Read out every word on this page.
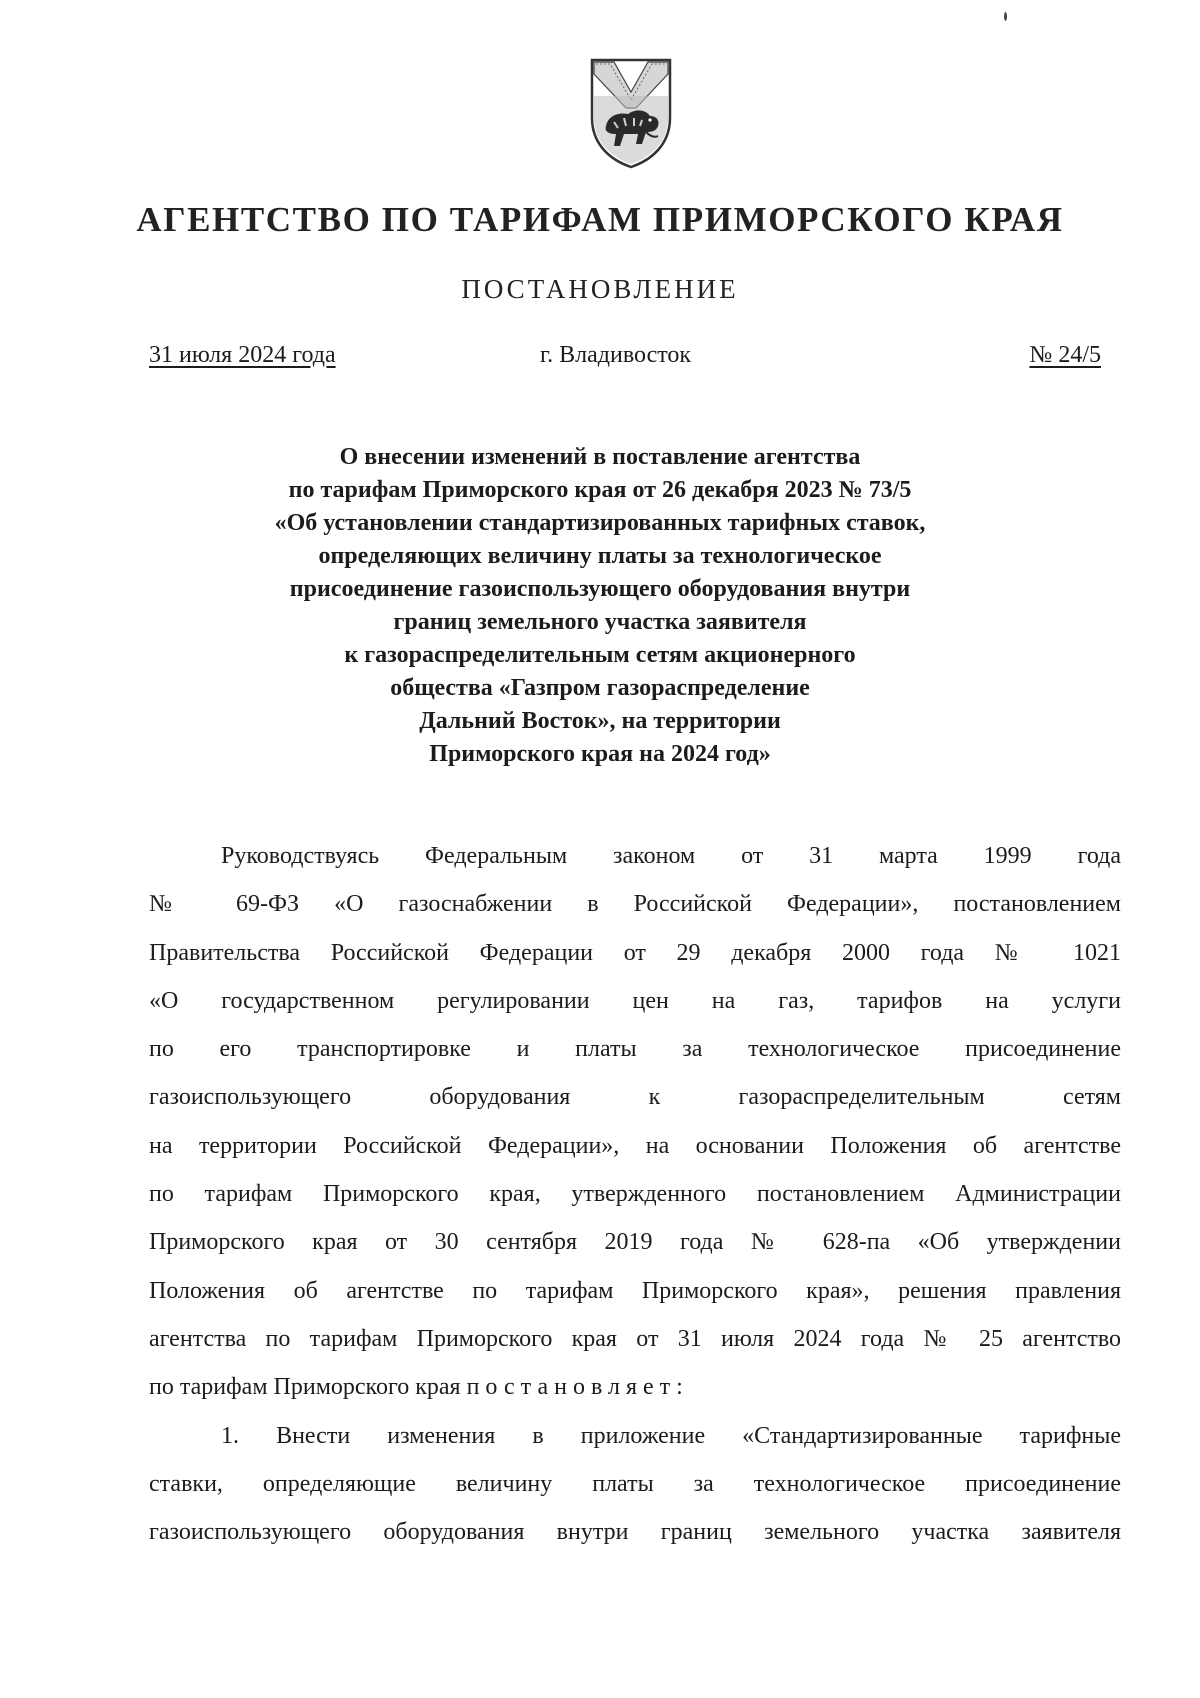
АГЕНТСТВО ПО ТАРИФАМ ПРИМОРСКОГО КРАЯ
ПОСТАНОВЛЕНИЕ
31 июля 2024 года	г. Владивосток	№ 24/5
О внесении изменений в поставление агентства
по тарифам Приморского края от 26 декабря 2023 № 73/5
«Об установлении стандартизированных тарифных ставок,
определяющих величину платы за технологическое
присоединение газоиспользующего оборудования внутри
границ земельного участка заявителя
к газораспределительным сетям акционерного
общества «Газпром газораспределение
Дальний Восток», на территории
Приморского края на 2024 год»
Руководствуясь Федеральным законом от 31 марта 1999 года
№ 69-ФЗ «О газоснабжении в Российской Федерации», постановлением
Правительства Российской Федерации от 29 декабря 2000 года № 1021
«О государственном регулировании цен на газ, тарифов на услуги
по его транспортировке и платы за технологическое присоединение
газоиспользующего оборудования к газораспределительным сетям
на территории Российской Федерации», на основании Положения об агентстве
по тарифам Приморского края, утвержденного постановлением Администрации
Приморского края от 30 сентября 2019 года № 628-па «Об утверждении
Положения об агентстве по тарифам Приморского края», решения правления
агентства по тарифам Приморского края от 31 июля 2024 года № 25 агентство
по тарифам Приморского края постановляет:
1. Внести изменения в приложение «Стандартизированные тарифные
ставки, определяющие величину платы за технологическое присоединение
газоиспользующего оборудования внутри границ земельного участка заявителя
